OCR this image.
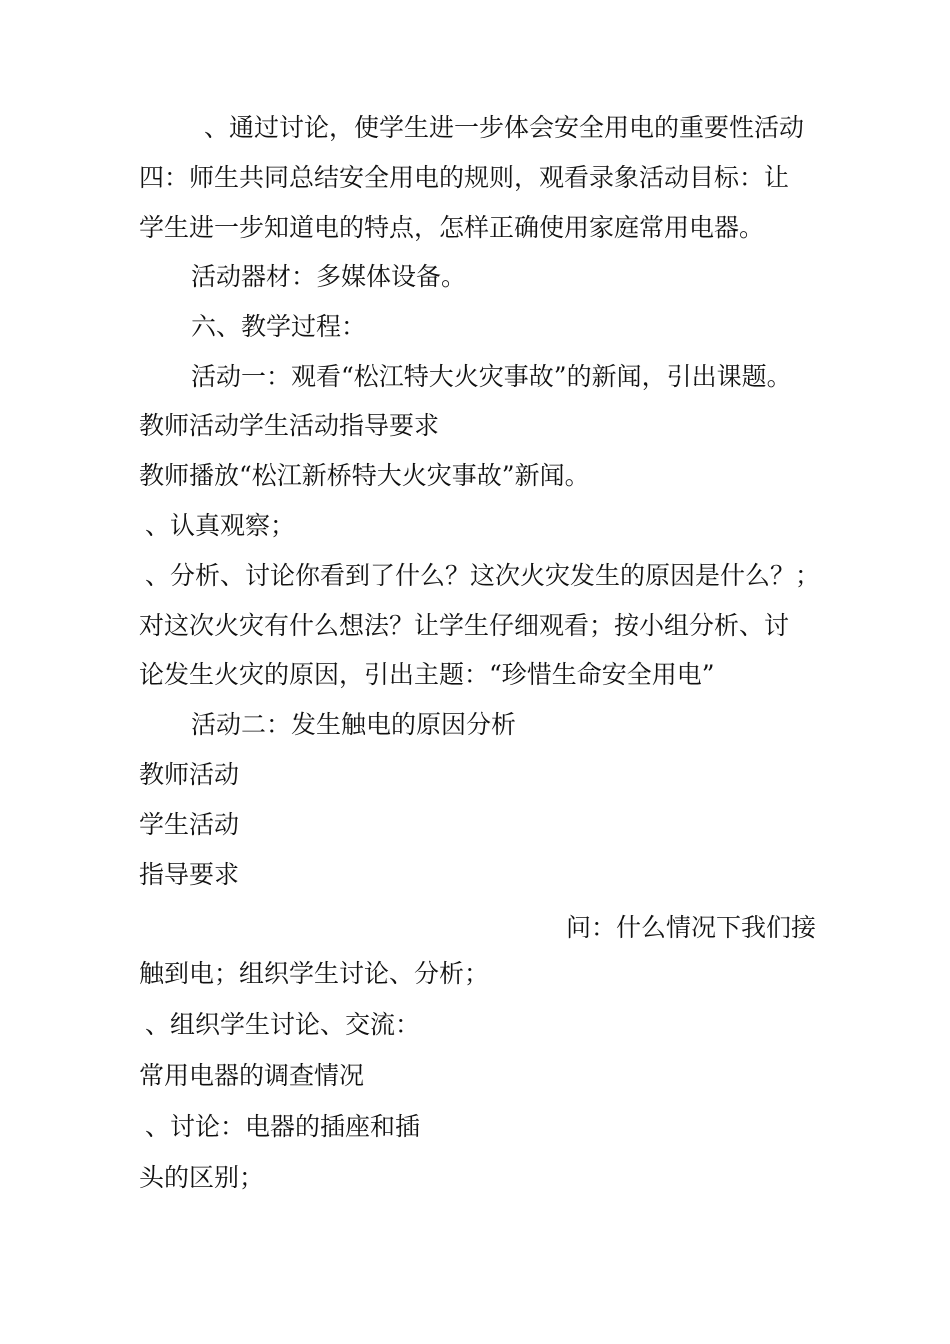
、通过讨论，使学生进一步体会安全用电的重要性活动

四：师生共同总结安全用电的规则，观看录象活动目标：让

学生进一步知道电的特点，怎样正确使用家庭常用电器。

活动器材：多媒体设备。

六、教学过程：

活动一：观看“松江特大火灾事故”的新闻，引出课题。

教师活动学生活动指导要求

教师播放“松江新桥特大火灾事故”新闻。

、认真观察；

、分析、讨论你看到了什么？这次火灾发生的原因是什么？；

对这次火灾有什么想法？让学生仔细观看；按小组分析、讨

论发生火灾的原因，引出主题：“珍惜生命安全用电”

活动二：发生触电的原因分析

教师活动

学生活动

指导要求

问：什么情况下我们接

触到电；组织学生讨论、分析；

、组织学生讨论、交流：

常用电器的调查情况

、讨论：电器的插座和插

头的区别；
